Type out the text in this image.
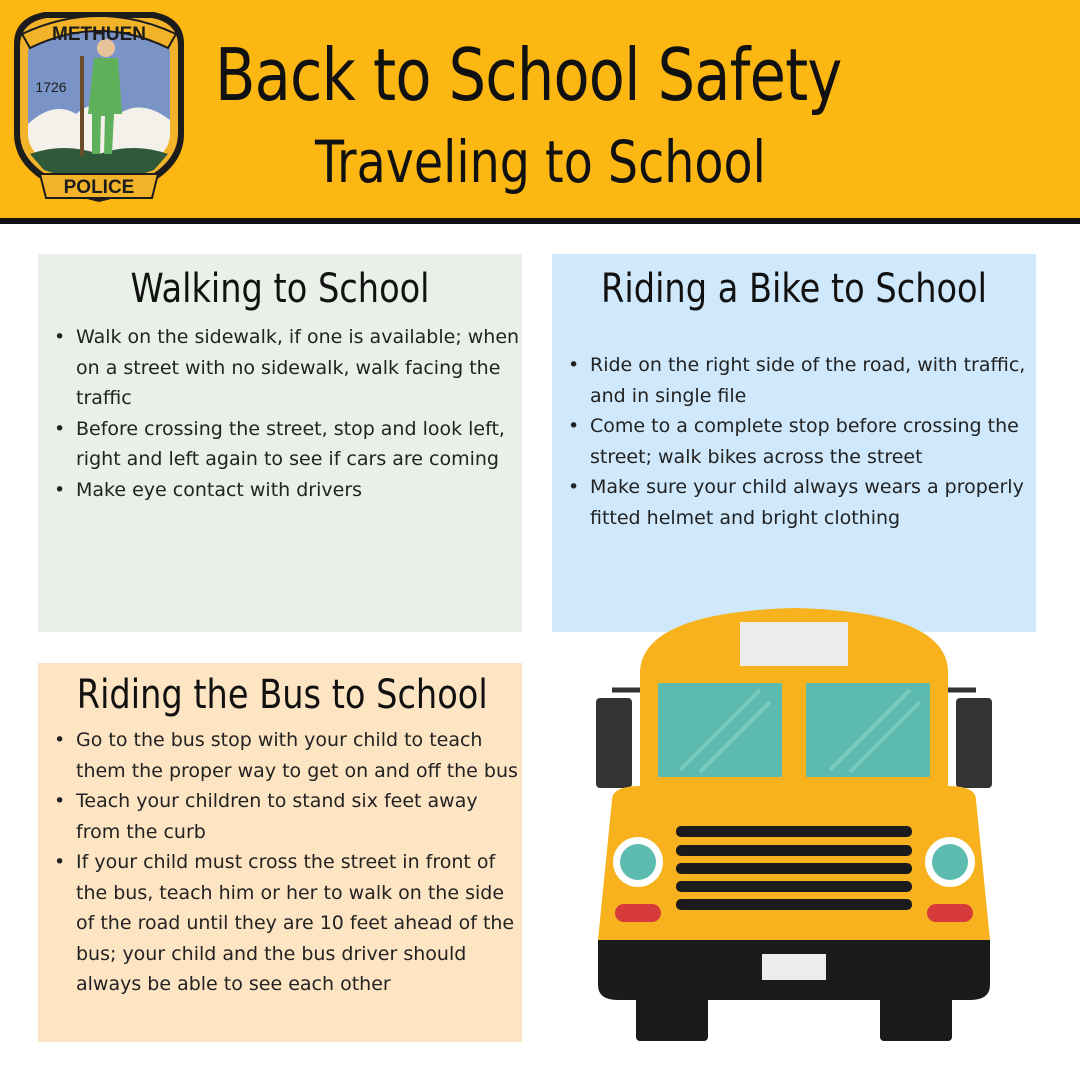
METHUEN
1726
POLICE
Back to School Safety
Traveling to School
Walking to School
• Walk on the sidewalk, if one is available; when on a street with no sidewalk, walk facing the traffic
• Before crossing the street, stop and look left, right and left again to see if cars are coming
• Make eye contact with drivers
Riding a Bike to School
• Ride on the right side of the road, with traffic, and in single file
• Come to a complete stop before crossing the street; walk bikes across the street
• Make sure your child always wears a properly fitted helmet and bright clothing
Riding the Bus to School
• Go to the bus stop with your child to teach them the proper way to get on and off the bus
• Teach your children to stand six feet away from the curb
• If your child must cross the street in front of the bus, teach him or her to walk on the side of the road until they are 10 feet ahead of the bus; your child and the bus driver should always be able to see each other
